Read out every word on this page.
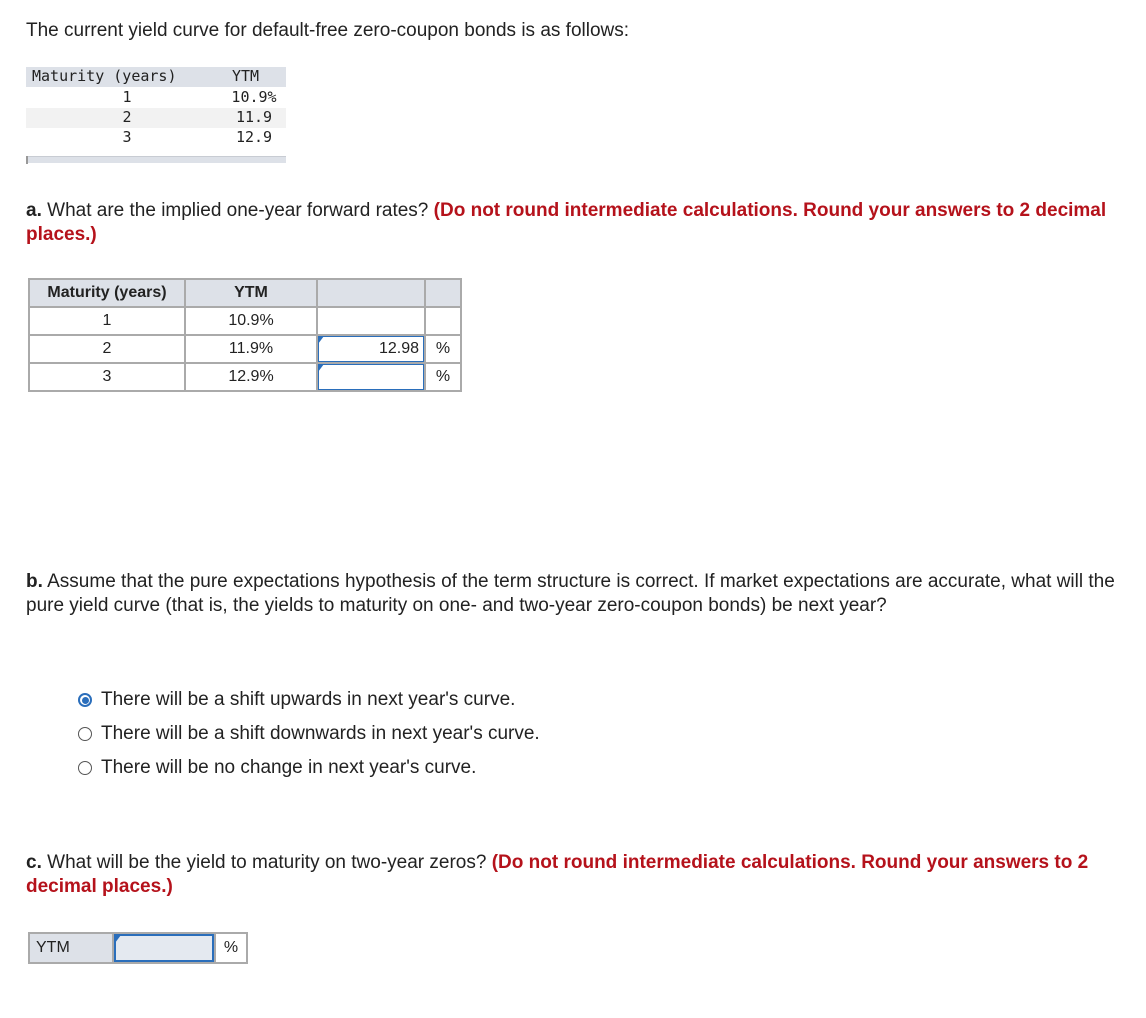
The current yield curve for default-free zero-coupon bonds is as follows:
Maturity (years)	YTM
1	10.9%
2	11.9
3	12.9
a. What are the implied one-year forward rates? (Do not round intermediate calculations. Round your answers to 2 decimal places.)
Maturity (years)	YTM		
1	10.9%		
2	11.9%	12.98	%
3	12.9%		%
b. Assume that the pure expectations hypothesis of the term structure is correct. If market expectations are accurate, what will the pure yield curve (that is, the yields to maturity on one- and two-year zero-coupon bonds) be next year?
There will be a shift upwards in next year's curve.
There will be a shift downwards in next year's curve.
There will be no change in next year's curve.
c. What will be the yield to maturity on two-year zeros? (Do not round intermediate calculations. Round your answers to 2 decimal places.)
YTM		%
